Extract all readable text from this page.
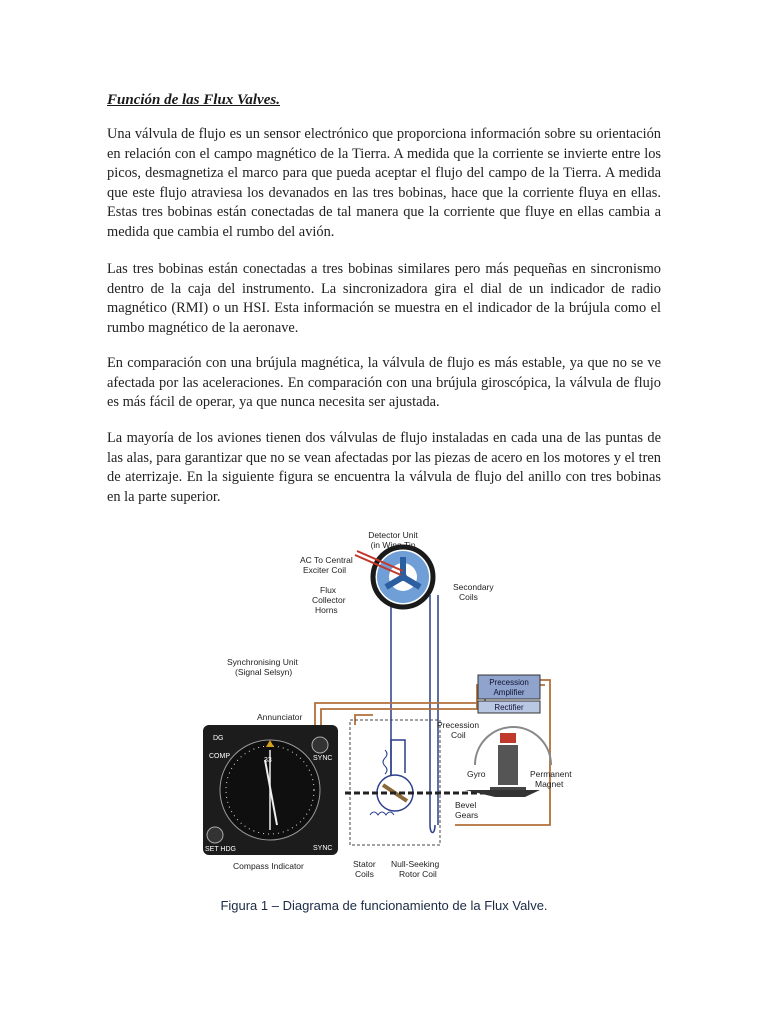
Función de las Flux Valves.

Una válvula de flujo es un sensor electrónico que proporciona información sobre su orientación en relación con el campo magnético de la Tierra. A medida que la corriente se invierte entre los picos, desmagnetiza el marco para que pueda aceptar el flujo del campo de la Tierra. A medida que este flujo atraviesa los devanados en las tres bobinas, hace que la corriente fluya en ellas. Estas tres bobinas están conectadas de tal manera que la corriente que fluye en ellas cambia a medida que cambia el rumbo del avión.

Las tres bobinas están conectadas a tres bobinas similares pero más pequeñas en sincronismo dentro de la caja del instrumento. La sincronizadora gira el dial de un indicador de radio magnético (RMI) o un HSI. Esta información se muestra en el indicador de la brújula como el rumbo magnético de la aeronave.

En comparación con una brújula magnética, la válvula de flujo es más estable, ya que no se ve afectada por las aceleraciones. En comparación con una brújula giroscópica, la válvula de flujo es más fácil de operar, ya que nunca necesita ser ajustada.

La mayoría de los aviones tienen dos válvulas de flujo instaladas en cada una de las puntas de las alas, para garantizar que no se vean afectadas por las piezas de acero en los motores y el tren de aterrizaje. En la siguiente figura se encuentra la válvula de flujo del anillo con tres bobinas en la parte superior.

Precession
Amplifier
Rectifier
DG
COMP	SYNC
SYNC
SET HDG
33
Detector Unit
(in Wing Tip
AC To Central
Exciter Coil
Flux
Collector
Horns
Secondary
Coils
Synchronising Unit
(Signal Selsyn)
Annunciator
Precession
Coil
Gyro	Permanent
Magnet
Bevel
Gears
Stator
Coils
Null-Seeking
Rotor Coil
Compass Indicator
Figura 1 – Diagrama de funcionamiento de la Flux Valve.
